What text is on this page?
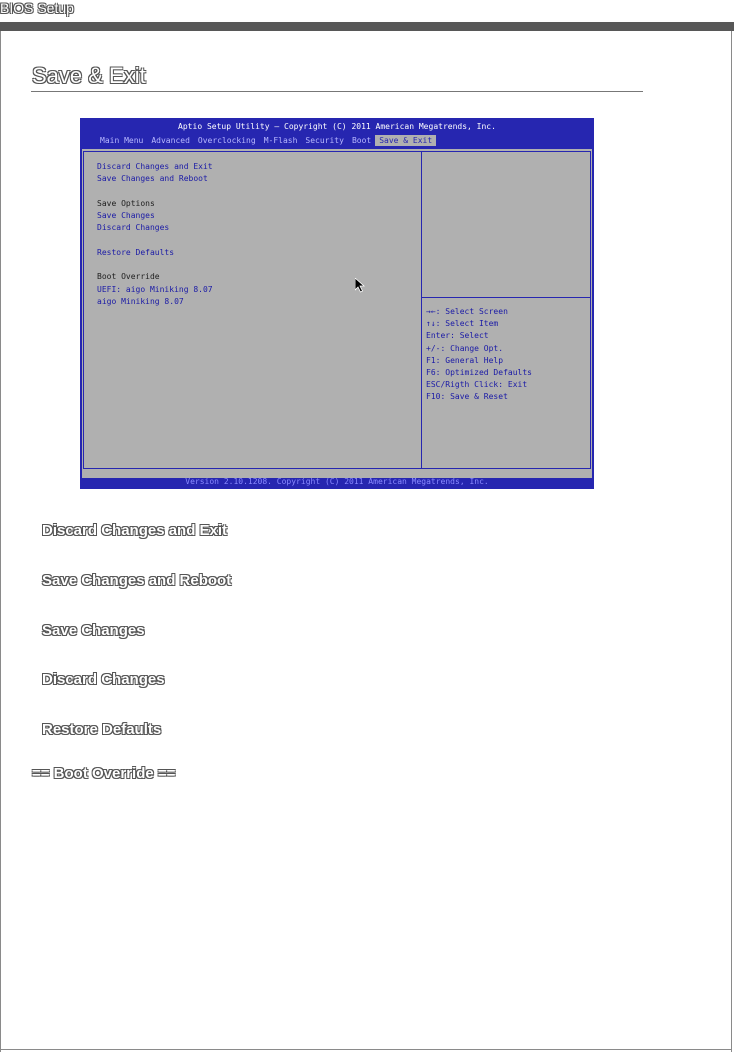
BIOS Setup
Save & Exit
Aptio Setup Utility – Copyright (C) 2011 American Megatrends, Inc.
Main Menu	Advanced	Overclocking	M-Flash	Security	Boot	Save & Exit
Discard Changes and Exit
Save Changes and Reboot
Save Options
Save Changes
Discard Changes
Restore Defaults
Boot Override
UEFI: aigo Miniking 8.07
aigo Miniking 8.07
→←: Select Screen
↑↓: Select Item
Enter: Select
+/-: Change Opt.
F1: General Help
F6: Optimized Defaults
ESC/Rigth Click: Exit
F10: Save & Reset
Version 2.10.1208. Copyright (C) 2011 American Megatrends, Inc.
Discard Changes and Exit
Save Changes and Reboot
Save Changes
Discard Changes
Restore Defaults
== Boot Override ==
